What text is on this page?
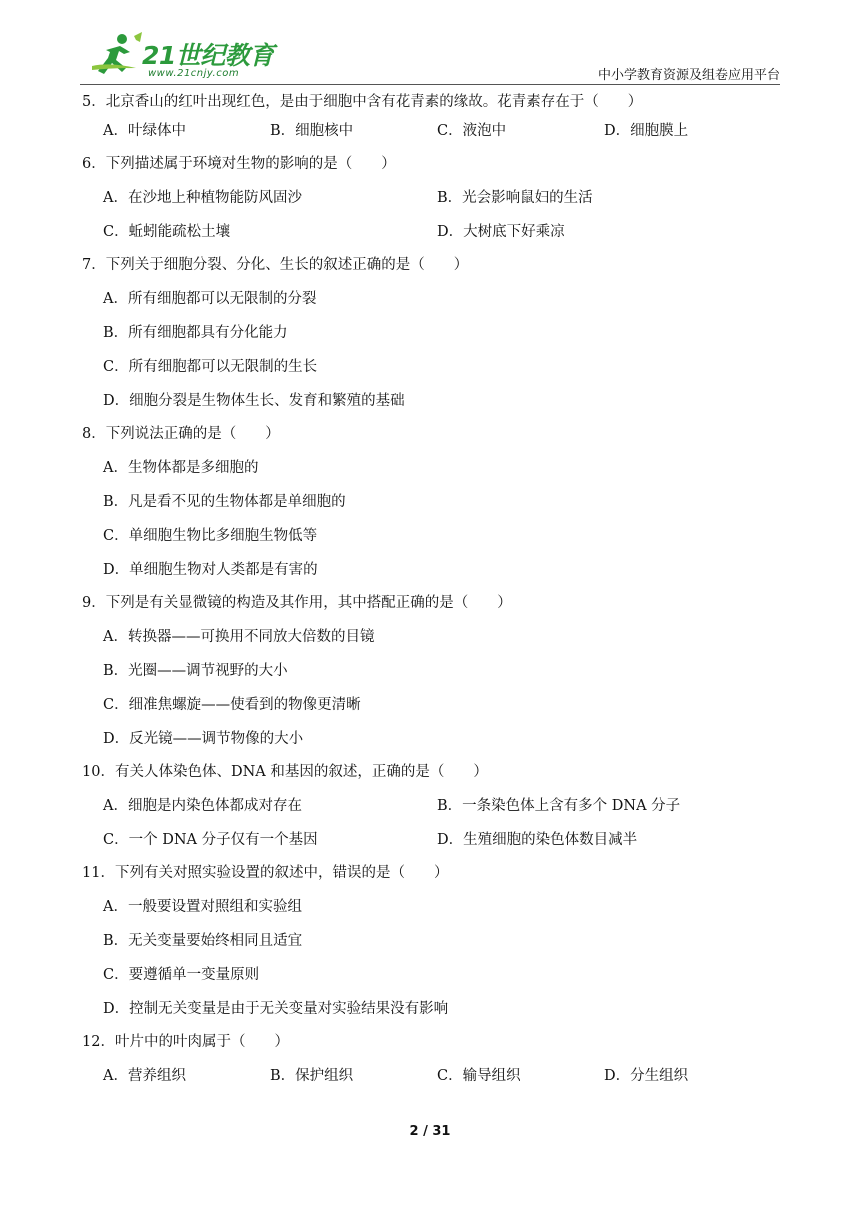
21世纪教育
www.21cnjy.com	中小学教育资源及组卷应用平台
5．北京香山的红叶出现红色，是由于细胞中含有花青素的缘故。花青素存在于（　　）
A．叶绿体中	B．细胞核中	C．液泡中	D．细胞膜上
6．下列描述属于环境对生物的影响的是（　　）
A．在沙地上种植物能防风固沙	B．光会影响鼠妇的生活
C．蚯蚓能疏松土壤	D．大树底下好乘凉
7．下列关于细胞分裂、分化、生长的叙述正确的是（　　）
A．所有细胞都可以无限制的分裂
B．所有细胞都具有分化能力
C．所有细胞都可以无限制的生长
D．细胞分裂是生物体生长、发育和繁殖的基础
8．下列说法正确的是（　　）
A．生物体都是多细胞的
B．凡是看不见的生物体都是单细胞的
C．单细胞生物比多细胞生物低等
D．单细胞生物对人类都是有害的
9．下列是有关显微镜的构造及其作用，其中搭配正确的是（　　）
A．转换器——可换用不同放大倍数的目镜
B．光圈——调节视野的大小
C．细准焦螺旋——使看到的物像更清晰
D．反光镜——调节物像的大小
10．有关人体染色体、DNA 和基因的叙述，正确的是（　　）
A．细胞是内染色体都成对存在	B．一条染色体上含有多个 DNA 分子
C．一个 DNA 分子仅有一个基因	D．生殖细胞的染色体数目减半
11．下列有关对照实验设置的叙述中，错误的是（　　）
A．一般要设置对照组和实验组
B．无关变量要始终相同且适宜
C．要遵循单一变量原则
D．控制无关变量是由于无关变量对实验结果没有影响
12．叶片中的叶肉属于（　　）
A．营养组织	B．保护组织	C．输导组织	D．分生组织
2 / 31
